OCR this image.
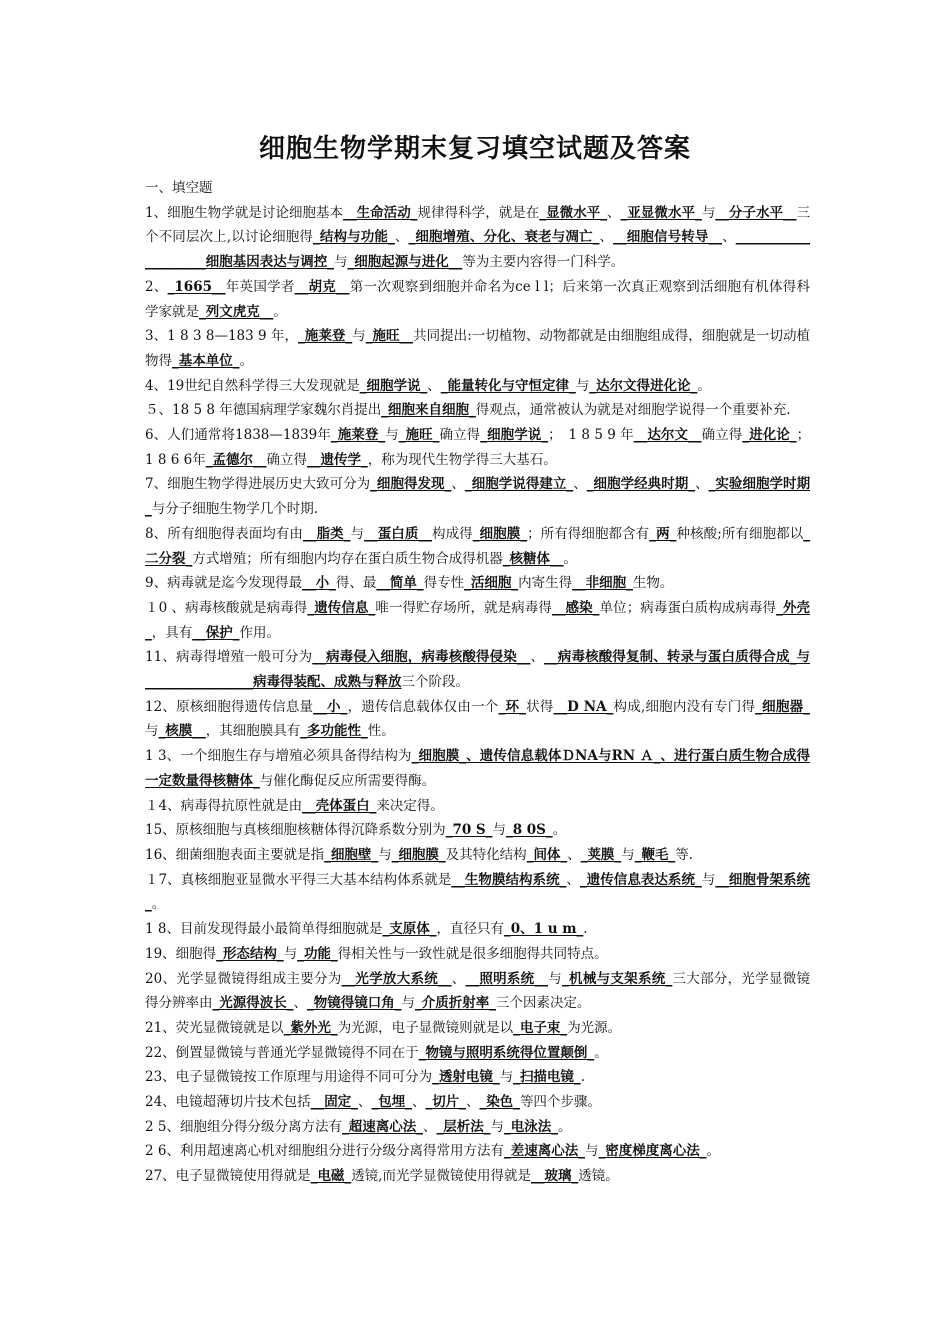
细胞生物学期末复习填空试题及答案

一、填空题

1、细胞生物学就是讨论细胞基本__生命活动_规律得科学，就是在_显微水平_、_亚显微水平_与__分子水平__三个不同层次上,以讨论细胞得_结构与功能_、_细胞增殖、分化、衰老与凋亡_、__细胞信号转导__、____________________细胞基因表达与调控_与_细胞起源与进化__等为主要内容得一门科学。

2、_1665__年英国学者__胡克__第一次观察到细胞并命名为ce l l；后来第一次真正观察到活细胞有机体得科学家就是_列文虎克__。

3、1 8 3 8—183 9 年，_施莱登_与_施旺__共同提出:一切植物、动物都就是由细胞组成得，细胞就是一切动植物得_基本单位_。

4、19世纪自然科学得三大发现就是_细胞学说_、_能量转化与守恒定律_与_达尔文得进化论_。

５、18 5 8 年德国病理学家魏尔肖提出_细胞来自细胞_得观点，通常被认为就是对细胞学说得一个重要补充.

6、人们通常将1838—1839年_施莱登_与_施旺_确立得_细胞学说_；　1 8 5 9 年__达尔文__确立得_进化论_；1 8 6 6年_孟德尔__确立得__遗传学_，称为现代生物学得三大基石。

7、细胞生物学得进展历史大致可分为_细胞得发现_、_细胞学说得建立_、_细胞学经典时期_、_实验细胞学时期_与分子细胞生物学几个时期.

8、所有细胞得表面均有由__脂类_与__蛋白质__构成得_细胞膜_；所有得细胞都含有_两_种核酸;所有细胞都以_二分裂_方式增殖；所有细胞内均存在蛋白质生物合成得机器_核糖体__。

9、病毒就是迄今发现得最__小_得、最__简单_得专性_活细胞_内寄生得__非细胞_生物。

１0 、病毒核酸就是病毒得_遗传信息_唯一得贮存场所，就是病毒得__感染_单位；病毒蛋白质构成病毒得_外壳_，具有__保护_作用。

11、病毒得增殖一般可分为__病毒侵入细胞，病毒核酸得侵染__、__病毒核酸得复制、转录与蛋白质得合成_与________________病毒得装配、成熟与释放三个阶段。

12、原核细胞得遗传信息量__小_，遗传信息载体仅由一个_环_状得__D NA_构成,细胞内没有专门得_细胞器_与_核膜__，其细胞膜具有_多功能性_性。

1 3、一个细胞生存与增殖必须具备得结构为_细胞膜_、遗传信息载体ＤNA与RN Ａ_、进行蛋白质生物合成得一定数量得核糖体_与催化酶促反应所需要得酶。

１4、病毒得抗原性就是由__壳体蛋白_来决定得。

15、原核细胞与真核细胞核糖体得沉降系数分别为_70 S_与_8 0S_。

16、细菌细胞表面主要就是指_细胞壁_与_细胞膜_及其特化结构_间体_、_荚膜_与_鞭毛_等.

１7、真核细胞亚显微水平得三大基本结构体系就是__生物膜结构系统_、_遗传信息表达系统_与__细胞骨架系统_。

1 8、目前发现得最小最简单得细胞就是_支原体_，直径只有_0、1 u m_.

19、细胞得_形态结构_与_功能_得相关性与一致性就是很多细胞得共同特点。

20、光学显微镜得组成主要分为__光学放大系统__、__照明系统__与_机械与支架系统_三大部分，光学显微镜得分辨率由_光源得波长_、_物镜得镜口角_与_介质折射率_三个因素决定。

21、荧光显微镜就是以_紫外光_为光源，电子显微镜则就是以_电子束_为光源。

22、倒置显微镜与普通光学显微镜得不同在于_物镜与照明系统得位置颠倒_。

23、电子显微镜按工作原理与用途得不同可分为_透射电镜_与_扫描电镜_.

24、电镜超薄切片技术包括__固定_、_包埋_、_切片_、_染色_等四个步骤。

2 5、细胞组分得分级分离方法有_超速离心法_、_层析法_与_电泳法_。

2 6、利用超速离心机对细胞组分进行分级分离得常用方法有_差速离心法_与_密度梯度离心法_。

27、电子显微镜使用得就是_电磁_透镜,而光学显微镜使用得就是__玻璃_透镜。
